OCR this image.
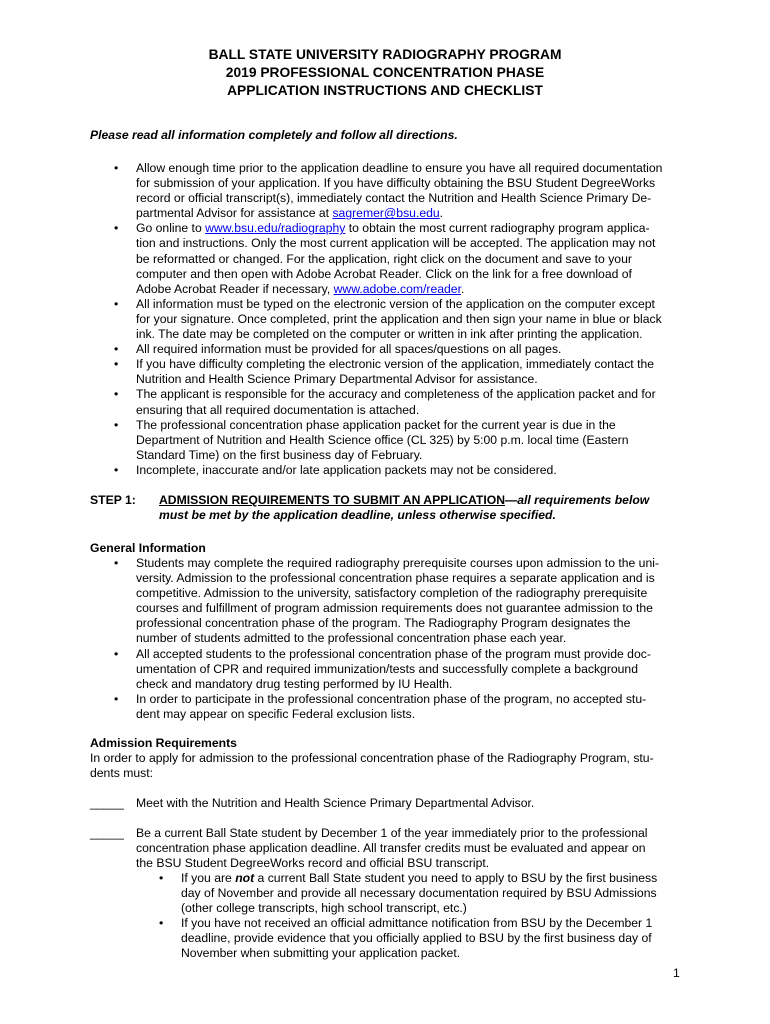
BALL STATE UNIVERSITY RADIOGRAPHY PROGRAM
2019 PROFESSIONAL CONCENTRATION PHASE
APPLICATION INSTRUCTIONS AND CHECKLIST
Please read all information completely and follow all directions.
• Allow enough time prior to the application deadline to ensure you have all required documentation
for submission of your application. If you have difficulty obtaining the BSU Student DegreeWorks
record or official transcript(s), immediately contact the Nutrition and Health Science Primary De-
partmental Advisor for assistance at sagremer@bsu.edu.
• Go online to www.bsu.edu/radiography to obtain the most current radiography program applica-
tion and instructions. Only the most current application will be accepted. The application may not
be reformatted or changed. For the application, right click on the document and save to your
computer and then open with Adobe Acrobat Reader. Click on the link for a free download of
Adobe Acrobat Reader if necessary, www.adobe.com/reader.
• All information must be typed on the electronic version of the application on the computer except
for your signature. Once completed, print the application and then sign your name in blue or black
ink. The date may be completed on the computer or written in ink after printing the application.
• All required information must be provided for all spaces/questions on all pages.
• If you have difficulty completing the electronic version of the application, immediately contact the
Nutrition and Health Science Primary Departmental Advisor for assistance.
• The applicant is responsible for the accuracy and completeness of the application packet and for
ensuring that all required documentation is attached.
• The professional concentration phase application packet for the current year is due in the
Department of Nutrition and Health Science office (CL 325) by 5:00 p.m. local time (Eastern
Standard Time) on the first business day of February.
• Incomplete, inaccurate and/or late application packets may not be considered.
STEP 1: ADMISSION REQUIREMENTS TO SUBMIT AN APPLICATION—all requirements below
must be met by the application deadline, unless otherwise specified.
General Information
• Students may complete the required radiography prerequisite courses upon admission to the uni-
versity. Admission to the professional concentration phase requires a separate application and is
competitive. Admission to the university, satisfactory completion of the radiography prerequisite
courses and fulfillment of program admission requirements does not guarantee admission to the
professional concentration phase of the program. The Radiography Program designates the
number of students admitted to the professional concentration phase each year.
• All accepted students to the professional concentration phase of the program must provide doc-
umentation of CPR and required immunization/tests and successfully complete a background
check and mandatory drug testing performed by IU Health.
• In order to participate in the professional concentration phase of the program, no accepted stu-
dent may appear on specific Federal exclusion lists.
Admission Requirements
In order to apply for admission to the professional concentration phase of the Radiography Program, stu-
dents must:
_____ Meet with the Nutrition and Health Science Primary Departmental Advisor.
_____ Be a current Ball State student by December 1 of the year immediately prior to the professional
concentration phase application deadline. All transfer credits must be evaluated and appear on
the BSU Student DegreeWorks record and official BSU transcript.
• If you are not a current Ball State student you need to apply to BSU by the first business
day of November and provide all necessary documentation required by BSU Admissions
(other college transcripts, high school transcript, etc.)
• If you have not received an official admittance notification from BSU by the December 1
deadline, provide evidence that you officially applied to BSU by the first business day of
November when submitting your application packet.
1
